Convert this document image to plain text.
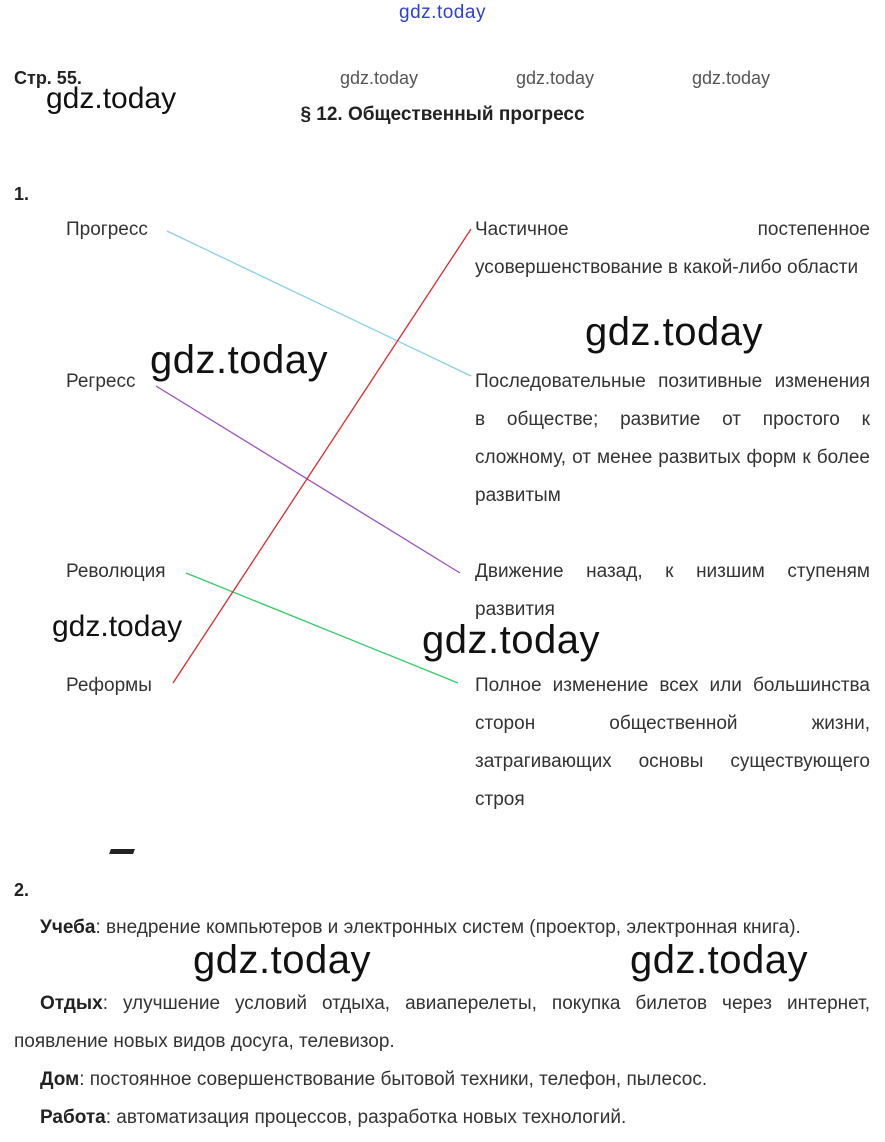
gdz.today
Стр. 55.	gdz.today	gdz.today	gdz.today
§ 12. Общественный прогресс
1.
Прогресс
Регресс
Революция
Реформы
Частичное постепенное усовершенствование в какой-либо области
Последовательные позитивные изменения в обществе; развитие от простого к сложному, от менее развитых форм к более развитым
Движение назад, к низшим ступеням развития
Полное изменение всех или большинства сторон общественной жизни, затрагивающих основы существующего строя
gdz.today
gdz.today
gdz.today
gdz.today	gdz.today
2.
Учеба: внедрение компьютеров и электронных систем (проектор, электронная книга).
Отдых: улучшение условий отдыха, авиаперелеты, покупка билетов через интернет, появление новых видов досуга, телевизор.
Дом: постоянное совершенствование бытовой техники, телефон, пылесос.
Работа: автоматизация процессов, разработка новых технологий.
gdz.today	gdz.today
